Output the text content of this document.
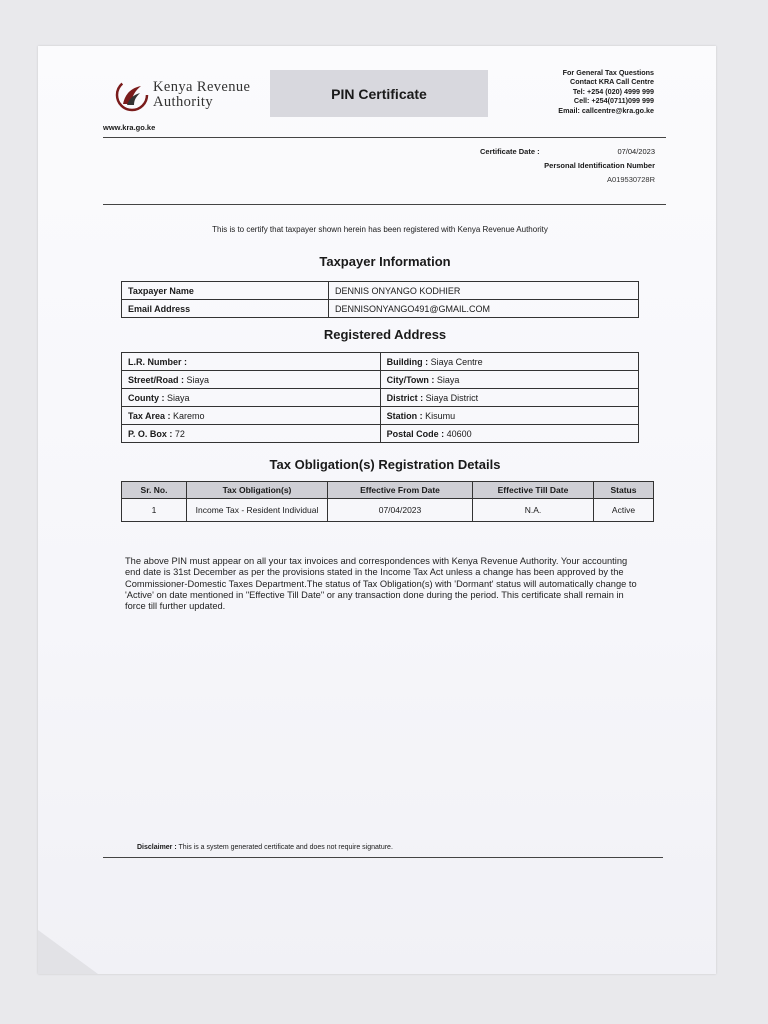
Kenya Revenue
Authority
www.kra.go.ke
PIN Certificate
For General Tax Questions
Contact KRA Call Centre
Tel: +254 (020) 4999 999
Cell: +254(0711)099 999
Email: callcentre@kra.go.ke
Certificate Date :	07/04/2023
Personal Identification Number
A019530728R
This is to certify that taxpayer shown herein has been registered with Kenya Revenue Authority
Taxpayer Information
Taxpayer Name	DENNIS ONYANGO KODHIER
Email Address	DENNISONYANGO491@GMAIL.COM
Registered Address
L.R. Number :	Building : Siaya Centre
Street/Road : Siaya	City/Town : Siaya
County : Siaya	District : Siaya District
Tax Area : Karemo	Station : Kisumu
P. O. Box : 72	Postal Code : 40600
Tax Obligation(s) Registration Details
Sr. No.	Tax Obligation(s)	Effective From Date	Effective Till Date	Status
1	Income Tax - Resident Individual	07/04/2023	N.A.	Active
The above PIN must appear on all your tax invoices and correspondences with Kenya Revenue Authority. Your accounting end date is 31st December as per the provisions stated in the Income Tax Act unless a change has been approved by the Commissioner-Domestic Taxes Department.The status of Tax Obligation(s) with 'Dormant' status will automatically change to 'Active' on date mentioned in "Effective Till Date" or any transaction done during the period. This certificate shall remain in force till further updated.
Disclaimer : This is a system generated certificate and does not require signature.
